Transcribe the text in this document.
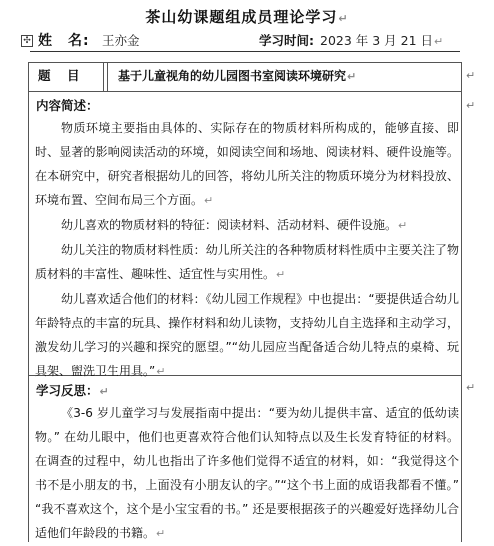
茶山幼课题组成员理论学习↵
✣ 姓　名: 王亦金	学习时间: 2023 年 3 月 21 日↵
↵
↵
↵
题　目	基于儿童视角的幼儿园图书室阅读环境研究↵
内容简述：

物质环境主要指由具体的、实际存在的物质材料所构成的，能够直接、即时、显著的影响阅读活动的环境，如阅读空间和场地、阅读材料、硬件设施等。在本研究中，研究者根据幼儿的回答，将幼儿所关注的物质环境分为材料投放、环境布置、空间布局三个方面。↵

幼儿喜欢的物质材料的特征：阅读材料、活动材料、硬件设施。↵

幼儿关注的物质材料性质：幼儿所关注的各种物质材料性质中主要关注了物质材料的丰富性、趣味性、适宜性与实用性。↵

幼儿喜欢适合他们的材料：《幼儿园工作规程》中也提出：“要提供适合幼儿年龄特点的丰富的玩具、操作材料和幼儿读物，支持幼儿自主选择和主动学习，激发幼儿学习的兴趣和探究的愿望。”“幼儿园应当配备适合幼儿特点的桌椅、玩具架、盥洗卫生用具。”↵

学习反思：↵

《3-6 岁儿童学习与发展指南中提出：“要为幼儿提供丰富、适宜的低幼读物。” 在幼儿眼中，他们也更喜欢符合他们认知特点以及生长发育特征的材料。在调查的过程中，幼儿也指出了许多他们觉得不适宜的材料，如：“我觉得这个书不是小朋友的书，上面没有小朋友认的字。”“这个书上面的成语我都看不懂。” “我不喜欢这个，这个是小宝宝看的书。” 还是要根据孩子的兴趣爱好选择幼儿合适他们年龄段的书籍。↵
